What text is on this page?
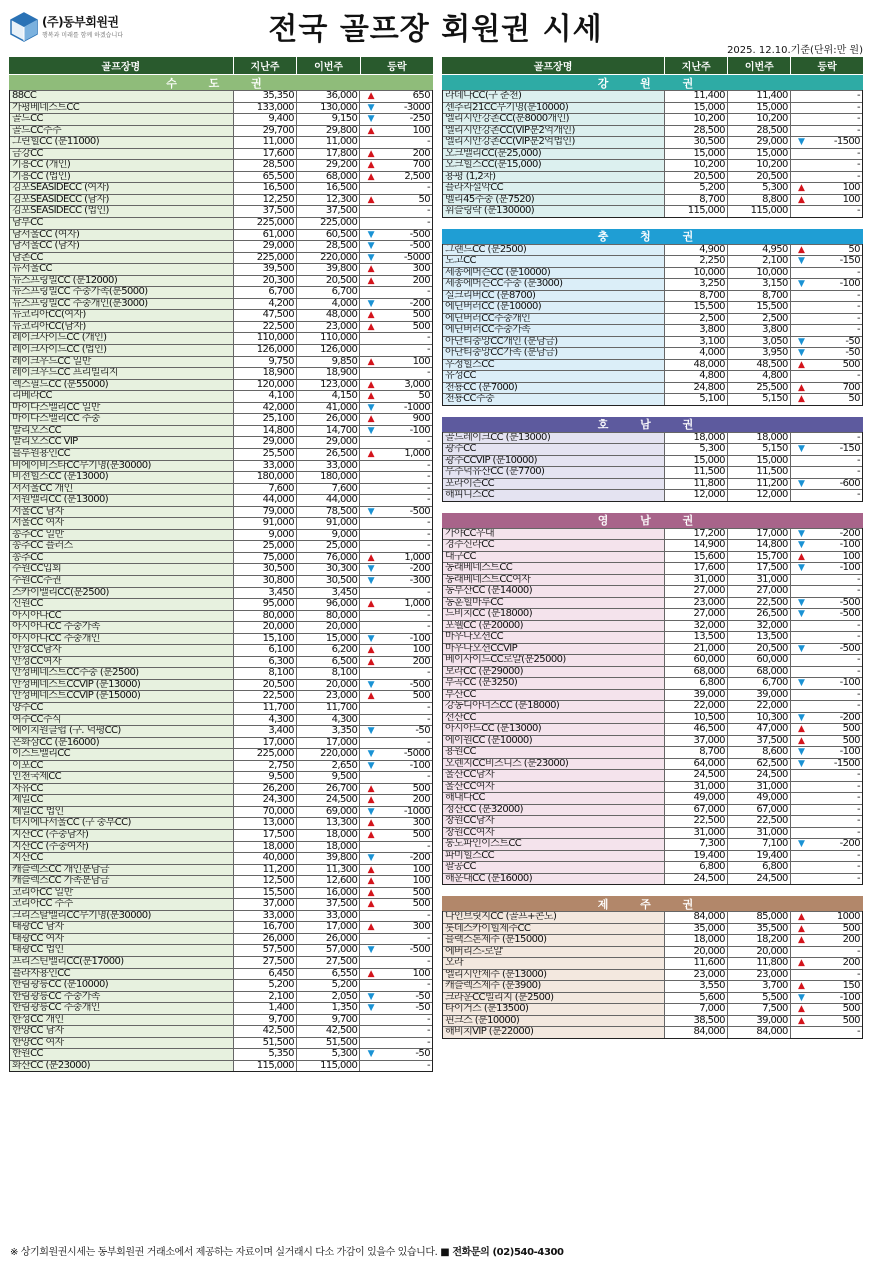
(주)동부회원권
행복과 미래를 함께 하겠습니다	전국 골프장 회원권 시세
2025. 12.10.기준(단위:만 원)
골프장명	지난주	이번주	등락
수 도 권
88CC	35,350	36,000	▲	650
가평베네스트CC	133,000	130,000	▼	-3000
골드CC	9,400	9,150	▼	-250
골드CC주주	29,700	29,800	▲	100
그린힐CC (분11000)	11,000	11,000	-
금강CC	17,600	17,800	▲	200
기흥CC (개인)	28,500	29,200	▲	700
기흥CC (법인)	65,500	68,000	▲	2,500
김포SEASIDECC (여자)	16,500	16,500	-
김포SEASIDECC (남자)	12,250	12,300	▲	50
김포SEASIDECC (법인)	37,500	37,500	-
남부CC	225,000	225,000	-
남서울CC (여자)	61,000	60,500	▼	-500
남서울CC (남자)	29,000	28,500	▼	-500
남촌CC	225,000	220,000	▼	-5000
뉴서울CC	39,500	39,800	▲	300
뉴스프링빌CC (분12000)	20,300	20,500	▲	200
뉴스프링빌CC 주중가족(분5000)	6,700	6,700	-
뉴스프링빌CC 주중개인(분3000)	4,200	4,000	▼	-200
뉴코리아CC(여자)	47,500	48,000	▲	500
뉴코리아CC(남자)	22,500	23,000	▲	500
레이크사이드CC (개인)	110,000	110,000	-
레이크사이드CC (법인)	126,000	126,000	-
레이크우드CC 일반	9,750	9,850	▲	100
레이크우드CC 프리빌리지	18,900	18,900	-
렉스필드CC (분55000)	120,000	123,000	▲	3,000
리베라CC	4,100	4,150	▲	50
마이다스밸리CC 일반	42,000	41,000	▼	-1000
마이다스밸리CC 주중	25,100	26,000	▲	900
발리오스CC	14,800	14,700	▼	-100
발리오스CC VIP	29,000	29,000	-
블루원용인CC	25,500	26,500	▲	1,000
비에이비스타CC무기명(분30000)	33,000	33,000	-
비전힐스CC (분13000)	180,000	180,000	-
서서울CC 개인	7,600	7,600	-
서원밸리CC (분13000)	44,000	44,000	-
서울CC 남자	79,000	78,500	▼	-500
서울CC 여자	91,000	91,000	-
송추CC 일반	9,000	9,000	-
송추CC 플러스	25,000	25,000	-
송추CC	75,000	76,000	▲	1,000
수원CC입회	30,500	30,300	▼	-200
수원CC주권	30,800	30,500	▼	-300
스카이밸리CC(분2500)	3,450	3,450	-
신원CC	95,000	96,000	▲	1,000
아시아나CC	80,000	80,000	-
아시아나CC 주중가족	20,000	20,000	-
아시아나CC 주중개인	15,100	15,000	▼	-100
안성CC남자	6,100	6,200	▲	100
안성CC여자	6,300	6,500	▲	200
안성베네스트CC주중 (분2500)	8,100	8,100	-
안성베네스트CCVIP (분13000)	20,500	20,000	▼	-500
안성베네스트CCVIP (분15000)	22,500	23,000	▲	500
양주CC	11,700	11,700	-
여주CC주식	4,300	4,300	-
에이치원클럽 (구. 덕평CC)	3,400	3,350	▼	-50
은화삼CC (분16000)	17,000	17,000	-
이스트밸리CC	225,000	220,000	▼	-5000
이포CC	2,750	2,650	▼	-100
인천국제CC	9,500	9,500	-
자유CC	26,200	26,700	▲	500
제일CC	24,300	24,500	▲	200
제일CC 법인	70,000	69,000	▼	-1000
더시에나서울CC (구 중부CC)	13,000	13,300	▲	300
지산CC (주중남자)	17,500	18,000	▲	500
지산CC (주중여자)	18,000	18,000	-
지산CC	40,000	39,800	▼	-200
캐슬렉스CC 개인분담금	11,200	11,300	▲	100
캐슬렉스CC 가족분담금	12,500	12,600	▲	100
코리아CC 일반	15,500	16,000	▲	500
코리아CC 주주	37,000	37,500	▲	500
크리스탈밸리CC무기명(분30000)	33,000	33,000	-
태광CC 남자	16,700	17,000	▲	300
태광CC 여자	26,000	26,000	-
태광CC 법인	57,500	57,000	▼	-500
프리스틴밸리CC(분17000)	27,500	27,500	-
플라자용인CC	6,450	6,550	▲	100
한림광릉CC (분10000)	5,200	5,200	-
한림광릉CC 주중가족	2,100	2,050	▼	-50
한림광릉CC 주중개인	1,400	1,350	▼	-50
한성CC 개인	9,700	9,700	-
한양CC 남자	42,500	42,500	-
한양CC 여자	51,500	51,500	-
한원CC	5,350	5,300	▼	-50
화산CC (분23000)	115,000	115,000	-
골프장명	지난주	이번주	등락
강 원 권
라데나CC(구 춘천)	11,400	11,400	-
센추리21CC무기명(분10000)	15,000	15,000	-
엘리시안강촌CC(분8000개인)	10,200	10,200	-
엘리시안강촌CC(VIP분2억개인)	28,500	28,500	-
엘리시안강촌CC(VIP분2억법인)	30,500	29,000	▼	-1500
오크밸리CC(분25,000)	15,000	15,000	-
오크힐스CC(분15,000)	10,200	10,200	-
용평 (1,2차)	20,500	20,500	-
플라자설악CC	5,200	5,300	▲	100
벨리45주중 (분7520)	8,700	8,800	▲	100
휘슬링락 (분130000)	115,000	115,000	-
충 청 권
그랜드CC (분2500)	4,900	4,950	▲	50
도고CC	2,250	2,100	▼	-150
세종에머슨CC (분10000)	10,000	10,000	-
세종에머슨CC주중 (분3000)	3,250	3,150	▼	-100
실크리버CC (분8700)	8,700	8,700	-
에딘버러CC (분10000)	15,500	15,500	-
에딘버러CC주중개인	2,500	2,500	-
에딘버러CC주중가족	3,800	3,800	-
아난티중앙CC개인 (분담금)	3,100	3,050	▼	-50
아난티중앙CC가족 (분담금)	4,000	3,950	▼	-50
우정힐스CC	48,000	48,500	▲	500
유성CC	4,800	4,800	-
천룡CC (분7000)	24,800	25,500	▲	700
천룡CC주중	5,100	5,150	▲	50
호 남 권
골드레이크CC (분13000)	18,000	18,000	-
광주CC	5,300	5,150	▼	-150
광주CCVIP (분10000)	15,000	15,000	-
무주덕유산CC (분7700)	11,500	11,500	-
포라이즌CC	11,800	11,200	▼	-600
해피니스CC	12,000	12,000	-
영 남 권
가야CC우대	17,200	17,000	▼	-200
경주신라CC	14,900	14,800	▼	-100
대구CC	15,600	15,700	▲	100
동래베네스트CC	17,600	17,500	▼	-100
동래베네스트CC여자	31,000	31,000	-
동부산CC (분14000)	27,000	27,000	-
동훈힐마루CC	23,000	22,500	▼	-500
드비치CC (분18000)	27,000	26,500	▼	-500
포웰CC (분20000)	32,000	32,000	-
마우나오션CC	13,500	13,500	-
마우나오션CCVIP	21,000	20,500	▼	-500
베이사이드CC로얄(분25000)	60,000	60,000	-
보라CC (분29000)	68,000	68,000	-
부곡CC (분3250)	6,800	6,700	▼	-100
부산CC	39,000	39,000	-
강동디아너스CC (분18000)	22,000	22,000	-
선산CC	10,500	10,300	▼	-200
아시아드CC (분13000)	46,500	47,000	▲	500
에이원CC (분10000)	37,000	37,500	▲	500
용원CC	8,700	8,600	▼	-100
오렌지CC비즈니스 (분23000)	64,000	62,500	▼	-1500
울산CC남자	24,500	24,500	-
울산CC여자	31,000	31,000	-
해내다CC	49,000	49,000	-
정산CC (분32000)	67,000	67,000	-
창원CC남자	22,500	22,500	-
창원CC여자	31,000	31,000	-
통도파인이스트CC	7,300	7,100	▼	-200
파미힐스CC	19,400	19,400	-
팔공CC	6,800	6,800	-
해운대CC (분16000)	24,500	24,500	-
제 주 권
나인브릿지CC (골프+콘도)	84,000	85,000	▲	1000
롯데스카이힐제주CC	35,000	35,500	▲	500
블랙스톤제주 (분15000)	18,000	18,200	▲	200
에버리스-로얄	20,000	20,000	-
오라	11,600	11,800	▲	200
엘리시안제주 (분13000)	23,000	23,000	-
캐슬렉스제주 (분3900)	3,550	3,700	▲	150
크라운CC빌리지 (분2500)	5,600	5,500	▼	-100
타이거스 (분13500)	7,000	7,500	▲	500
핀크스 (분10000)	38,500	39,000	▲	500
해비치VIP (분22000)	84,000	84,000	-
※ 상기회원권시세는 동부회원권 거래소에서 제공하는 자료이며 실거래시 다소 가감이 있을수 있습니다. ■ 전화문의 (02)540-4300
